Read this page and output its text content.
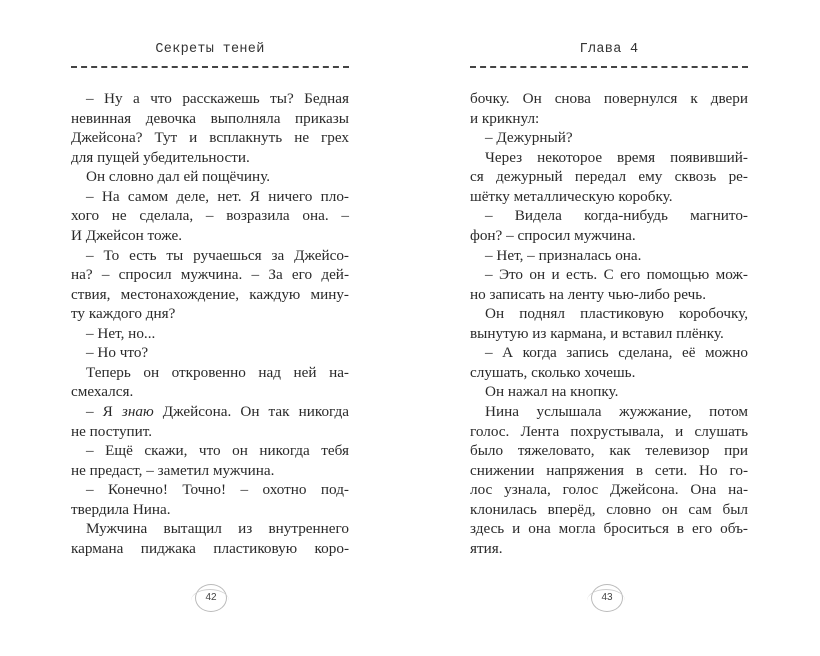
Секреты теней
– Ну а что расскажешь ты? Бедная
невинная девочка выполняла приказы
Джейсона? Тут и всплакнуть не грех
для пущей убедительности.
Он словно дал ей пощёчину.
– На самом деле, нет. Я ничего пло-
хого не сделала, – возразила она. –
И Джейсон тоже.
– То есть ты ручаешься за Джейсо-
на? – спросил мужчина. – За его дей-
ствия, местонахождение, каждую мину-
ту каждого дня?
– Нет, но...
– Но что?
Теперь он откровенно над ней на-
смехался.
– Я знаю Джейсона. Он так никогда
не поступит.
– Ещё скажи, что он никогда тебя
не предаст, – заметил мужчина.
– Конечно! Точно! – охотно под-
твердила Нина.
Мужчина вытащил из внутреннего
кармана пиджака пластиковую коро-
42
Глава 4
бочку. Он снова повернулся к двери
и крикнул:
– Дежурный?
Через некоторое время появивший-
ся дежурный передал ему сквозь ре-
шётку металлическую коробку.
– Видела когда-нибудь магнито-
фон? – спросил мужчина.
– Нет, – призналась она.
– Это он и есть. С его помощью мож-
но записать на ленту чью-либо речь.
Он поднял пластиковую коробочку,
вынутую из кармана, и вставил плёнку.
– А когда запись сделана, её можно
слушать, сколько хочешь.
Он нажал на кнопку.
Нина услышала жужжание, потом
голос. Лента похрустывала, и слушать
было тяжеловато, как телевизор при
снижении напряжения в сети. Но го-
лос узнала, голос Джейсона. Она на-
клонилась вперёд, словно он сам был
здесь и она могла броситься в его объ-
ятия.
43
